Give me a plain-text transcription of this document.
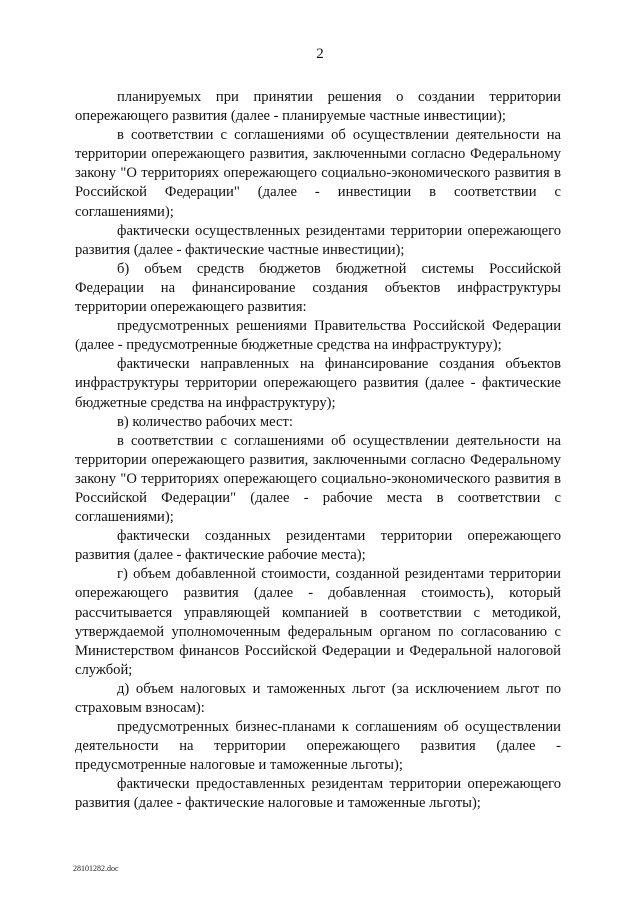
2

планируемых при принятии решения о создании территории опережающего развития (далее - планируемые частные инвестиции);

в соответствии с соглашениями об осуществлении деятельности на территории опережающего развития, заключенными согласно Федеральному закону "О территориях опережающего социально-экономического развития в Российской Федерации" (далее - инвестиции в соответствии с соглашениями);

фактически осуществленных резидентами территории опережающего развития (далее - фактические частные инвестиции);

б) объем средств бюджетов бюджетной системы Российской Федерации на финансирование создания объектов инфраструктуры территории опережающего развития:

предусмотренных решениями Правительства Российской Федерации (далее - предусмотренные бюджетные средства на инфраструктуру);

фактически направленных на финансирование создания объектов инфраструктуры территории опережающего развития (далее - фактические бюджетные средства на инфраструктуру);

в) количество рабочих мест:

в соответствии с соглашениями об осуществлении деятельности на территории опережающего развития, заключенными согласно Федеральному закону "О территориях опережающего социально-экономического развития в Российской Федерации" (далее - рабочие места в соответствии с соглашениями);

фактически созданных резидентами территории опережающего развития (далее - фактические рабочие места);

г) объем добавленной стоимости, созданной резидентами территории опережающего развития (далее - добавленная стоимость), который рассчитывается управляющей компанией в соответствии с методикой, утверждаемой уполномоченным федеральным органом по согласованию с Министерством финансов Российской Федерации и Федеральной налоговой службой;

д) объем налоговых и таможенных льгот (за исключением льгот по страховым взносам):

предусмотренных бизнес-планами к соглашениям об осуществлении деятельности на территории опережающего развития (далее - предусмотренные налоговые и таможенные льготы);

фактически предоставленных резидентам территории опережающего развития (далее - фактические налоговые и таможенные льготы);

28101282.doc
